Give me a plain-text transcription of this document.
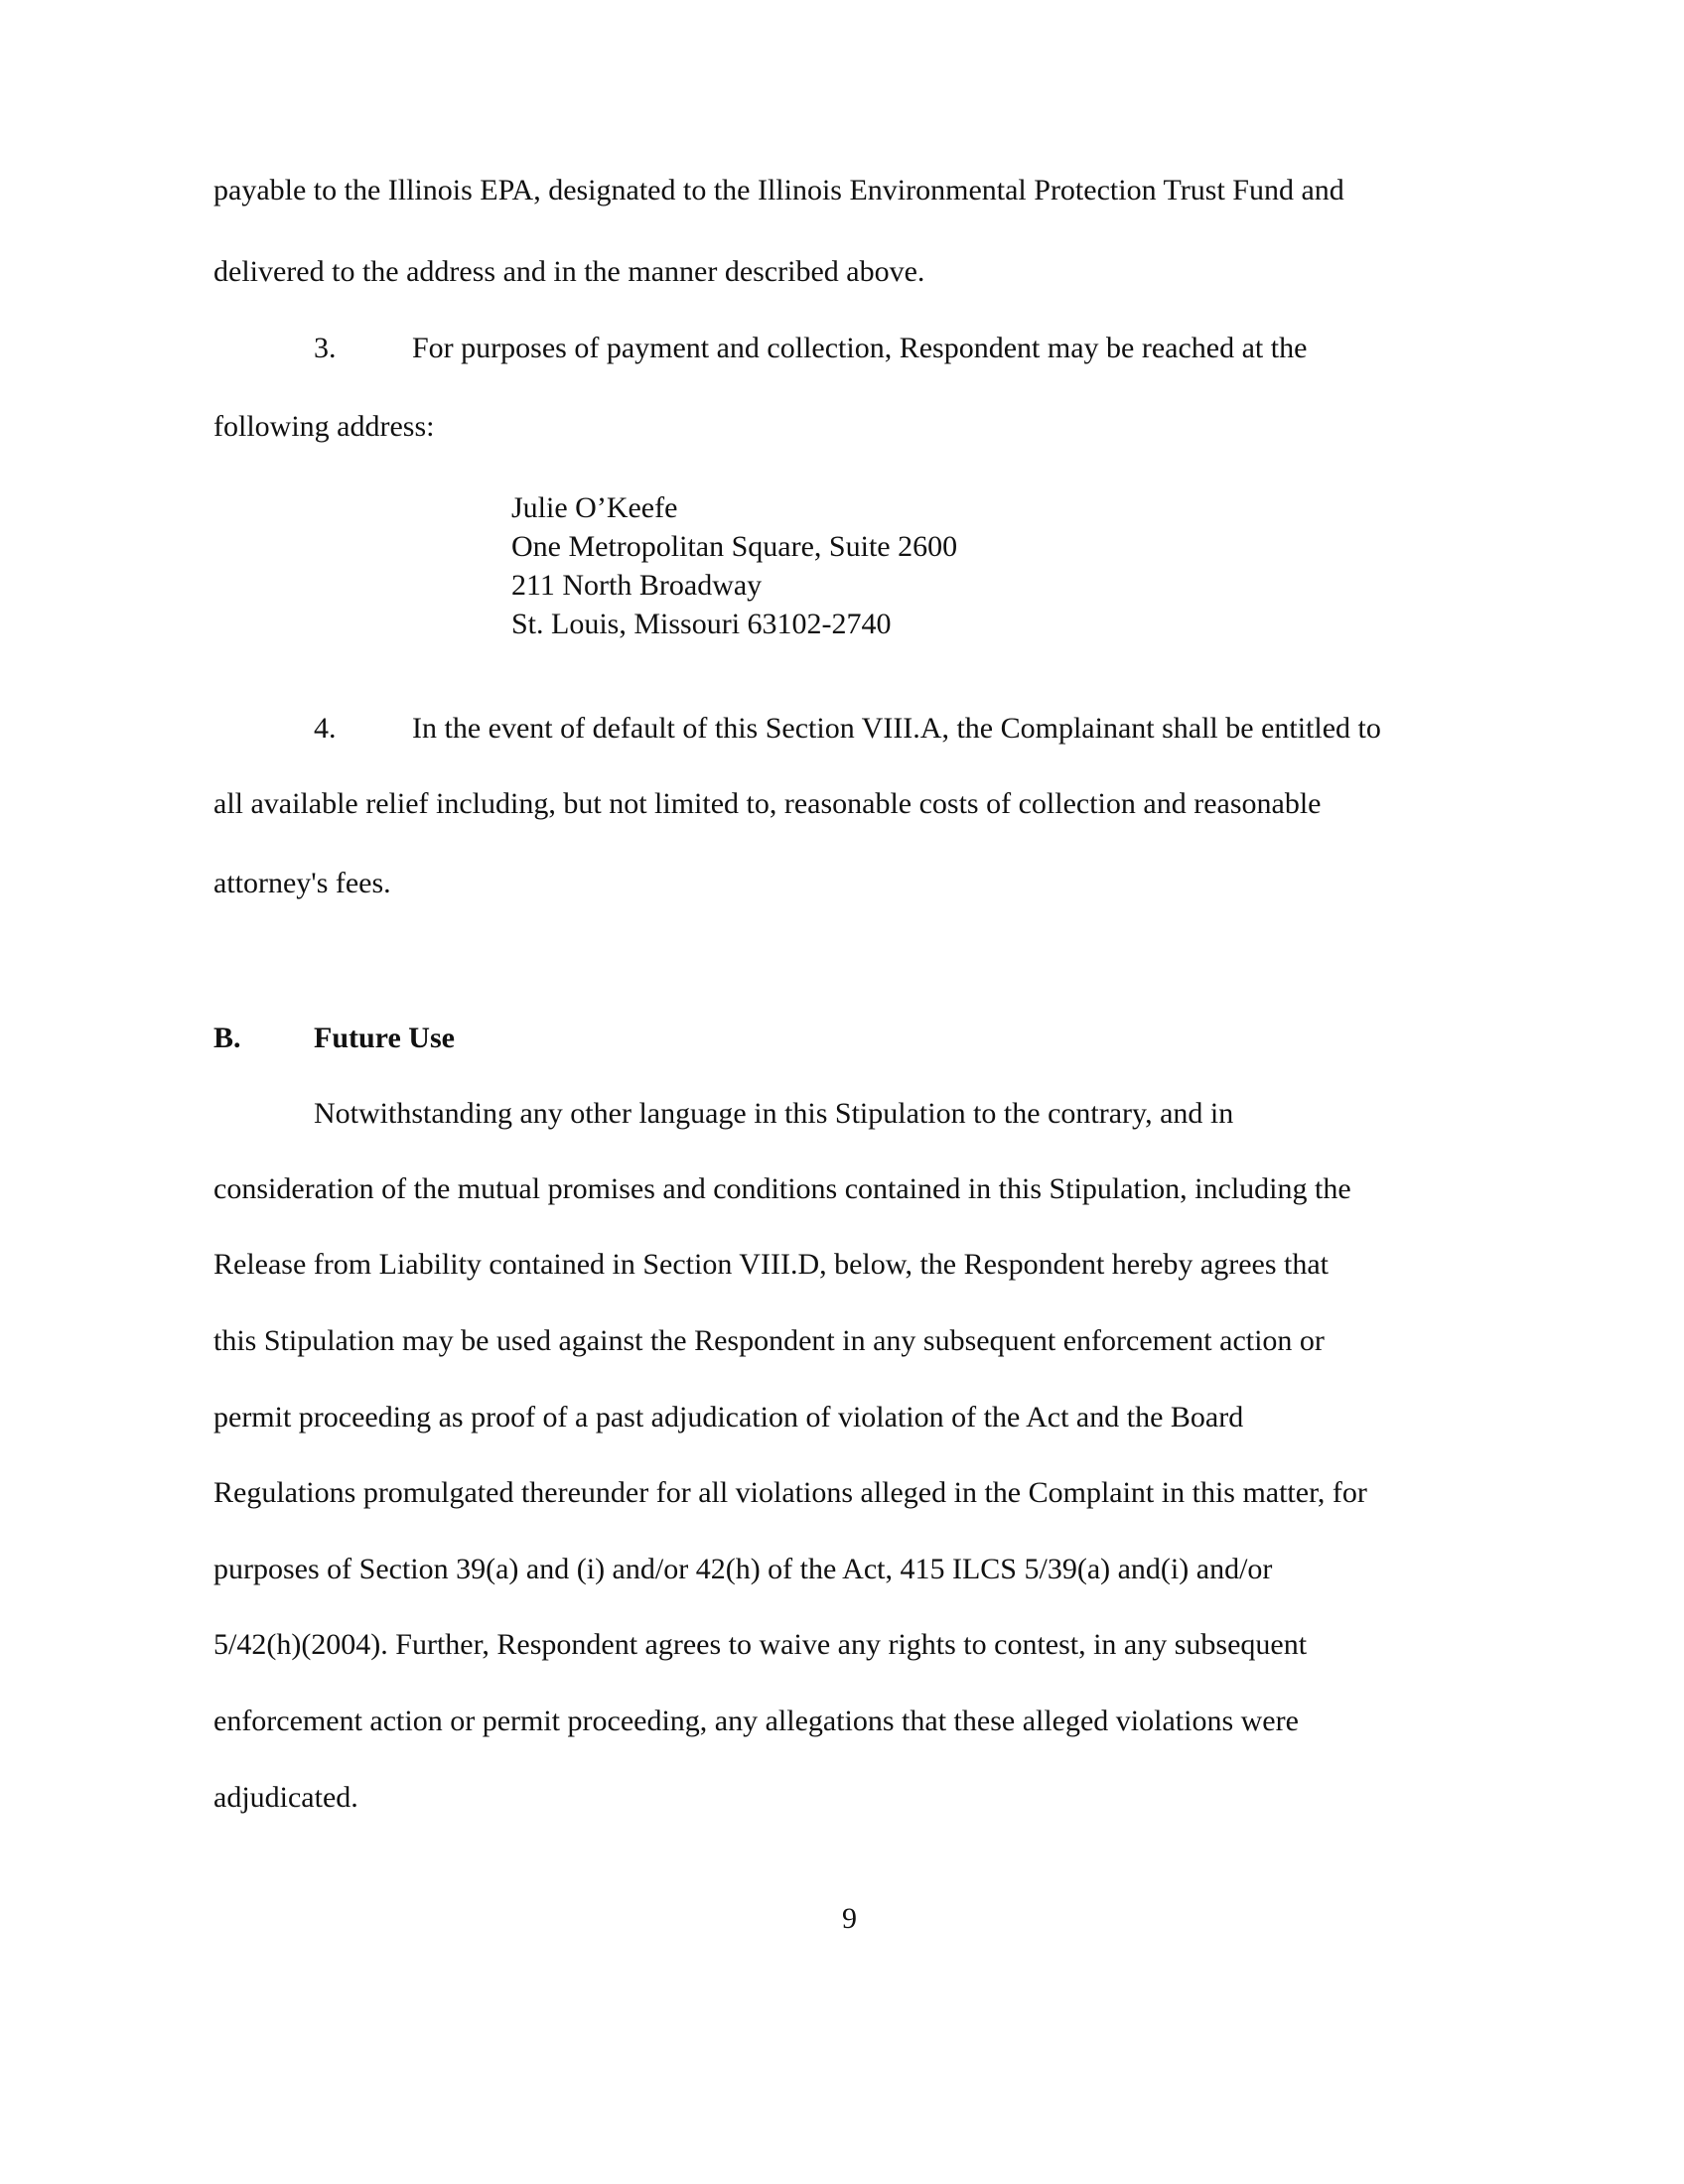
payable to the Illinois EPA, designated to the Illinois Environmental Protection Trust Fund and
delivered to the address and in the manner described above.
3.	For purposes of payment and collection, Respondent may be reached at the
following address:
Julie O’Keefe
One Metropolitan Square, Suite 2600
211 North Broadway
St. Louis, Missouri 63102-2740
4.	In the event of default of this Section VIII.A, the Complainant shall be entitled to
all available relief including, but not limited to, reasonable costs of collection and reasonable
attorney's fees.
B. Future Use
Notwithstanding any other language in this Stipulation to the contrary, and in
consideration of the mutual promises and conditions contained in this Stipulation, including the
Release from Liability contained in Section VIII.D, below, the Respondent hereby agrees that
this Stipulation may be used against the Respondent in any subsequent enforcement action or
permit proceeding as proof of a past adjudication of violation of the Act and the Board
Regulations promulgated thereunder for all violations alleged in the Complaint in this matter, for
purposes of Section 39(a) and (i) and/or 42(h) of the Act, 415 ILCS 5/39(a) and(i) and/or
5/42(h)(2004). Further, Respondent agrees to waive any rights to contest, in any subsequent
enforcement action or permit proceeding, any allegations that these alleged violations were
adjudicated.
9
